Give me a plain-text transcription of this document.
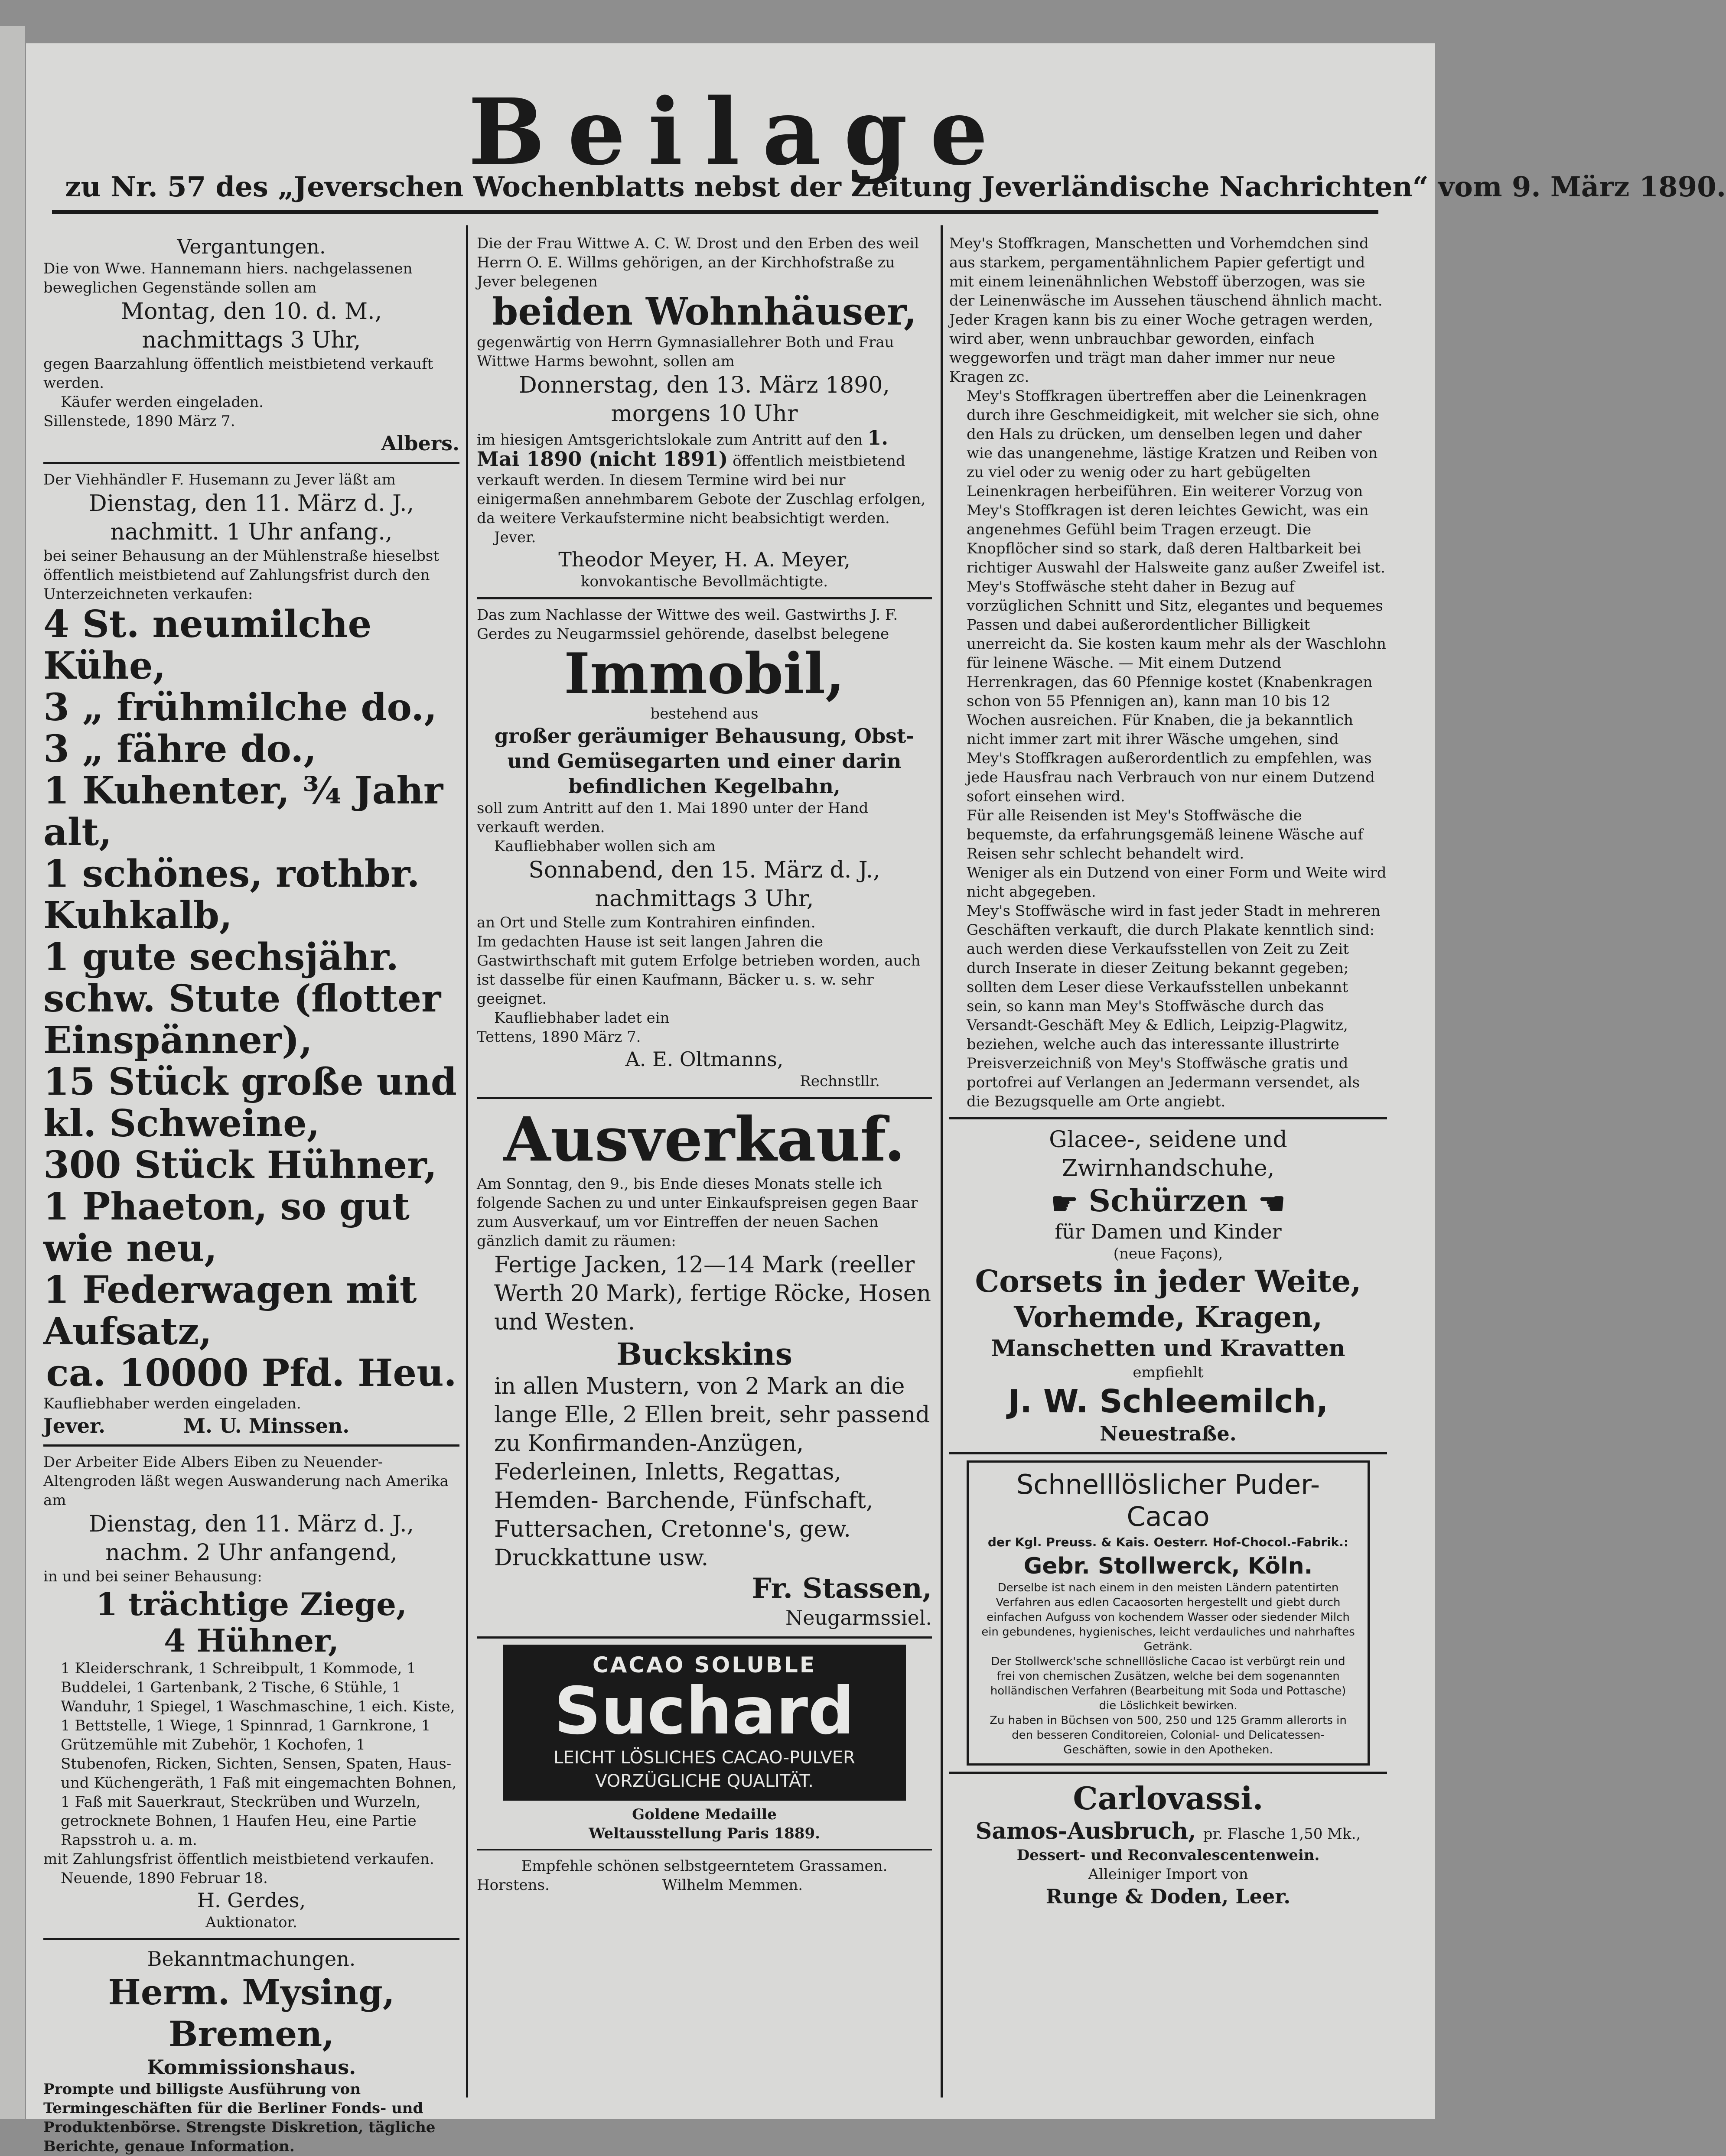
Beilage
zu Nr. 57 des „Jeverschen Wochenblatts nebst der Zeitung Jeverländische Nachrichten“ vom 9. März 1890.

Vergantungen.

Die von Wwe. Hannemann hiers. nachgelassenen

beweglichen Gegenstände sollen am

Montag, den 10. d. M.,

nachmittags 3 Uhr,

gegen Baarzahlung öffentlich meistbietend verkauft werden.

Käufer werden eingeladen.

Sillenstede, 1890 März 7.

Albers.

Der Viehhändler F. Husemann zu Jever läßt am

Dienstag, den 11. März d. J.,

nachmitt. 1 Uhr anfang.,

bei seiner Behausung an der Mühlenstraße hieselbst öffentlich meistbietend auf Zahlungsfrist durch den Unterzeichneten verkaufen:

4 St. neumilche Kühe,

3 „ frühmilche do.,

3 „ fähre do.,

1 Kuhenter, ¾ Jahr alt,

1 schönes, rothbr. Kuhkalb,

1 gute sechsjähr. schw. Stute (flotter Einspänner),

15 Stück große und kl. Schweine,

300 Stück Hühner,

1 Phaeton, so gut wie neu,

1 Federwagen mit Aufsatz,

ca. 10000 Pfd. Heu.

Kaufliebhaber werden eingeladen.

Jever.	M. U. Minssen.

Der Arbeiter Eide Albers Eiben zu Neuender-Altengroden läßt wegen Auswanderung nach Amerika am

Dienstag, den 11. März d. J.,

nachm. 2 Uhr anfangend,

in und bei seiner Behausung:

1 trächtige Ziege,

4 Hühner,

1 Kleiderschrank, 1 Schreibpult, 1 Kommode, 1 Buddelei, 1 Gartenbank, 2 Tische, 6 Stühle, 1 Wanduhr, 1 Spiegel, 1 Waschmaschine, 1 eich. Kiste, 1 Bettstelle, 1 Wiege, 1 Spinnrad, 1 Garnkrone, 1 Grützemühle mit Zubehör, 1 Kochofen, 1 Stubenofen, Ricken, Sichten, Sensen, Spaten, Haus- und Küchengeräth, 1 Faß mit eingemachten Bohnen, 1 Faß mit Sauerkraut, Steckrüben und Wurzeln, getrocknete Bohnen, 1 Haufen Heu, eine Partie Rapsstroh u. a. m.

mit Zahlungsfrist öffentlich meistbietend verkaufen.

Neuende, 1890 Februar 18.

H. Gerdes,

Auktionator.

Bekanntmachungen.

Herm. Mysing, Bremen,

Kommissionshaus.

Prompte und billigste Ausführung von Termingeschäften für die Berliner Fonds- und Produktenbörse. Strengste Diskretion, tägliche Berichte, genaue Information.

Die der Frau Wittwe A. C. W. Drost und den Erben des weil Herrn O. E. Willms gehörigen, an der Kirchhofstraße zu Jever belegenen

beiden Wohnhäuser,

gegenwärtig von Herrn Gymnasiallehrer Both und Frau Wittwe Harms bewohnt, sollen am

Donnerstag, den 13. März 1890,

morgens 10 Uhr

im hiesigen Amtsgerichtslokale zum Antritt auf den 1. Mai 1890 (nicht 1891) öffentlich meistbietend verkauft werden. In diesem Termine wird bei nur einigermaßen annehmbarem Gebote der Zuschlag erfolgen, da weitere Verkaufstermine nicht beabsichtigt werden.

Jever.

Theodor Meyer, H. A. Meyer,

konvokantische Bevollmächtigte.

Das zum Nachlasse der Wittwe des weil. Gastwirths J. F. Gerdes zu Neugarmssiel gehörende, daselbst belegene

Immobil,

bestehend aus

großer geräumiger Behausung, Obst- und Gemüsegarten und einer darin befindlichen Kegelbahn,

soll zum Antritt auf den 1. Mai 1890 unter der Hand verkauft werden.

Kaufliebhaber wollen sich am

Sonnabend, den 15. März d. J.,

nachmittags 3 Uhr,

an Ort und Stelle zum Kontrahiren einfinden.

Im gedachten Hause ist seit langen Jahren die Gastwirthschaft mit gutem Erfolge betrieben worden, auch ist dasselbe für einen Kaufmann, Bäcker u. s. w. sehr geeignet.

Kaufliebhaber ladet ein

Tettens, 1890 März 7.

A. E. Oltmanns,

Rechnstllr.

Ausverkauf.

Am Sonntag, den 9., bis Ende dieses Monats stelle ich folgende Sachen zu und unter Einkaufspreisen gegen Baar zum Ausverkauf, um vor Eintreffen der neuen Sachen gänzlich damit zu räumen:

Fertige Jacken, 12—14 Mark (reeller Werth 20 Mark), fertige Röcke, Hosen und Westen.

Buckskins

in allen Mustern, von 2 Mark an die lange Elle, 2 Ellen breit, sehr passend zu Konfirmanden-Anzügen, Federleinen, Inletts, Regattas, Hemden- Barchende, Fünfschaft, Futtersachen, Cretonne's, gew. Druckkattune usw.

Fr. Stassen,

Neugarmssiel.

CACAO SOLUBLE
Suchard
LEICHT LÖSLICHES CACAO-PULVER
VORZÜGLICHE QUALITÄT.

Goldene Medaille

Weltausstellung Paris 1889.

Empfehle schönen selbstgeerntetem Grassamen.

Horstens.	Wilhelm Memmen.

Mey's Stoffkragen, Manschetten und Vorhemdchen sind aus starkem, pergamentähnlichem Papier gefertigt und mit einem leinenähnlichen Webstoff überzogen, was sie der Leinenwäsche im Aussehen täuschend ähnlich macht. Jeder Kragen kann bis zu einer Woche getragen werden, wird aber, wenn unbrauchbar geworden, einfach weggeworfen und trägt man daher immer nur neue Kragen zc.

Mey's Stoffkragen übertreffen aber die Leinenkragen durch ihre Geschmeidigkeit, mit welcher sie sich, ohne den Hals zu drücken, um denselben legen und daher wie das unangenehme, lästige Kratzen und Reiben von zu viel oder zu wenig oder zu hart gebügelten Leinenkragen herbeiführen. Ein weiterer Vorzug von Mey's Stoffkragen ist deren leichtes Gewicht, was ein angenehmes Gefühl beim Tragen erzeugt. Die Knopflöcher sind so stark, daß deren Haltbarkeit bei richtiger Auswahl der Halsweite ganz außer Zweifel ist.

Mey's Stoffwäsche steht daher in Bezug auf vorzüglichen Schnitt und Sitz, elegantes und bequemes Passen und dabei außerordentlicher Billigkeit unerreicht da. Sie kosten kaum mehr als der Waschlohn für leinene Wäsche. — Mit einem Dutzend Herrenkragen, das 60 Pfennige kostet (Knabenkragen schon von 55 Pfennigen an), kann man 10 bis 12 Wochen ausreichen. Für Knaben, die ja bekanntlich nicht immer zart mit ihrer Wäsche umgehen, sind Mey's Stoffkragen außerordentlich zu empfehlen, was jede Hausfrau nach Verbrauch von nur einem Dutzend sofort einsehen wird.

Für alle Reisenden ist Mey's Stoffwäsche die bequemste, da erfahrungsgemäß leinene Wäsche auf Reisen sehr schlecht behandelt wird.

Weniger als ein Dutzend von einer Form und Weite wird nicht abgegeben.

Mey's Stoffwäsche wird in fast jeder Stadt in mehreren Geschäften verkauft, die durch Plakate kenntlich sind: auch werden diese Verkaufsstellen von Zeit zu Zeit durch Inserate in dieser Zeitung bekannt gegeben; sollten dem Leser diese Verkaufsstellen unbekannt sein, so kann man Mey's Stoffwäsche durch das Versandt-Geschäft Mey & Edlich, Leipzig-Plagwitz, beziehen, welche auch das interessante illustrirte Preisverzeichniß von Mey's Stoffwäsche gratis und portofrei auf Verlangen an Jedermann versendet, als die Bezugsquelle am Orte angiebt.

Glacee-, seidene und Zwirnhandschuhe,

☛ Schürzen ☚

für Damen und Kinder

(neue Façons),

Corsets in jeder Weite,

Vorhemde, Kragen,

Manschetten und Kravatten

empfiehlt

J. W. Schleemilch,

Neuestraße.

Schnelllöslicher Puder-Cacao

der Kgl. Preuss. & Kais. Oesterr. Hof-Chocol.-Fabrik.:

Gebr. Stollwerck, Köln.

Derselbe ist nach einem in den meisten Ländern patentirten Verfahren aus edlen Cacaosorten hergestellt und giebt durch einfachen Aufguss von kochendem Wasser oder siedender Milch ein gebundenes, hygienisches, leicht verdauliches und nahrhaftes Getränk.

Der Stollwerck'sche schnelllösliche Cacao ist verbürgt rein und frei von chemischen Zusätzen, welche bei dem sogenannten holländischen Verfahren (Bearbeitung mit Soda und Pottasche) die Löslichkeit bewirken.

Zu haben in Büchsen von 500, 250 und 125 Gramm allerorts in den besseren Conditoreien, Colonial- und Delicatessen-Geschäften, sowie in den Apotheken.

Carlovassi.

Samos-Ausbruch, pr. Flasche 1,50 Mk.,

Dessert- und Reconvalescentenwein.

Alleiniger Import von

Runge & Doden, Leer.
